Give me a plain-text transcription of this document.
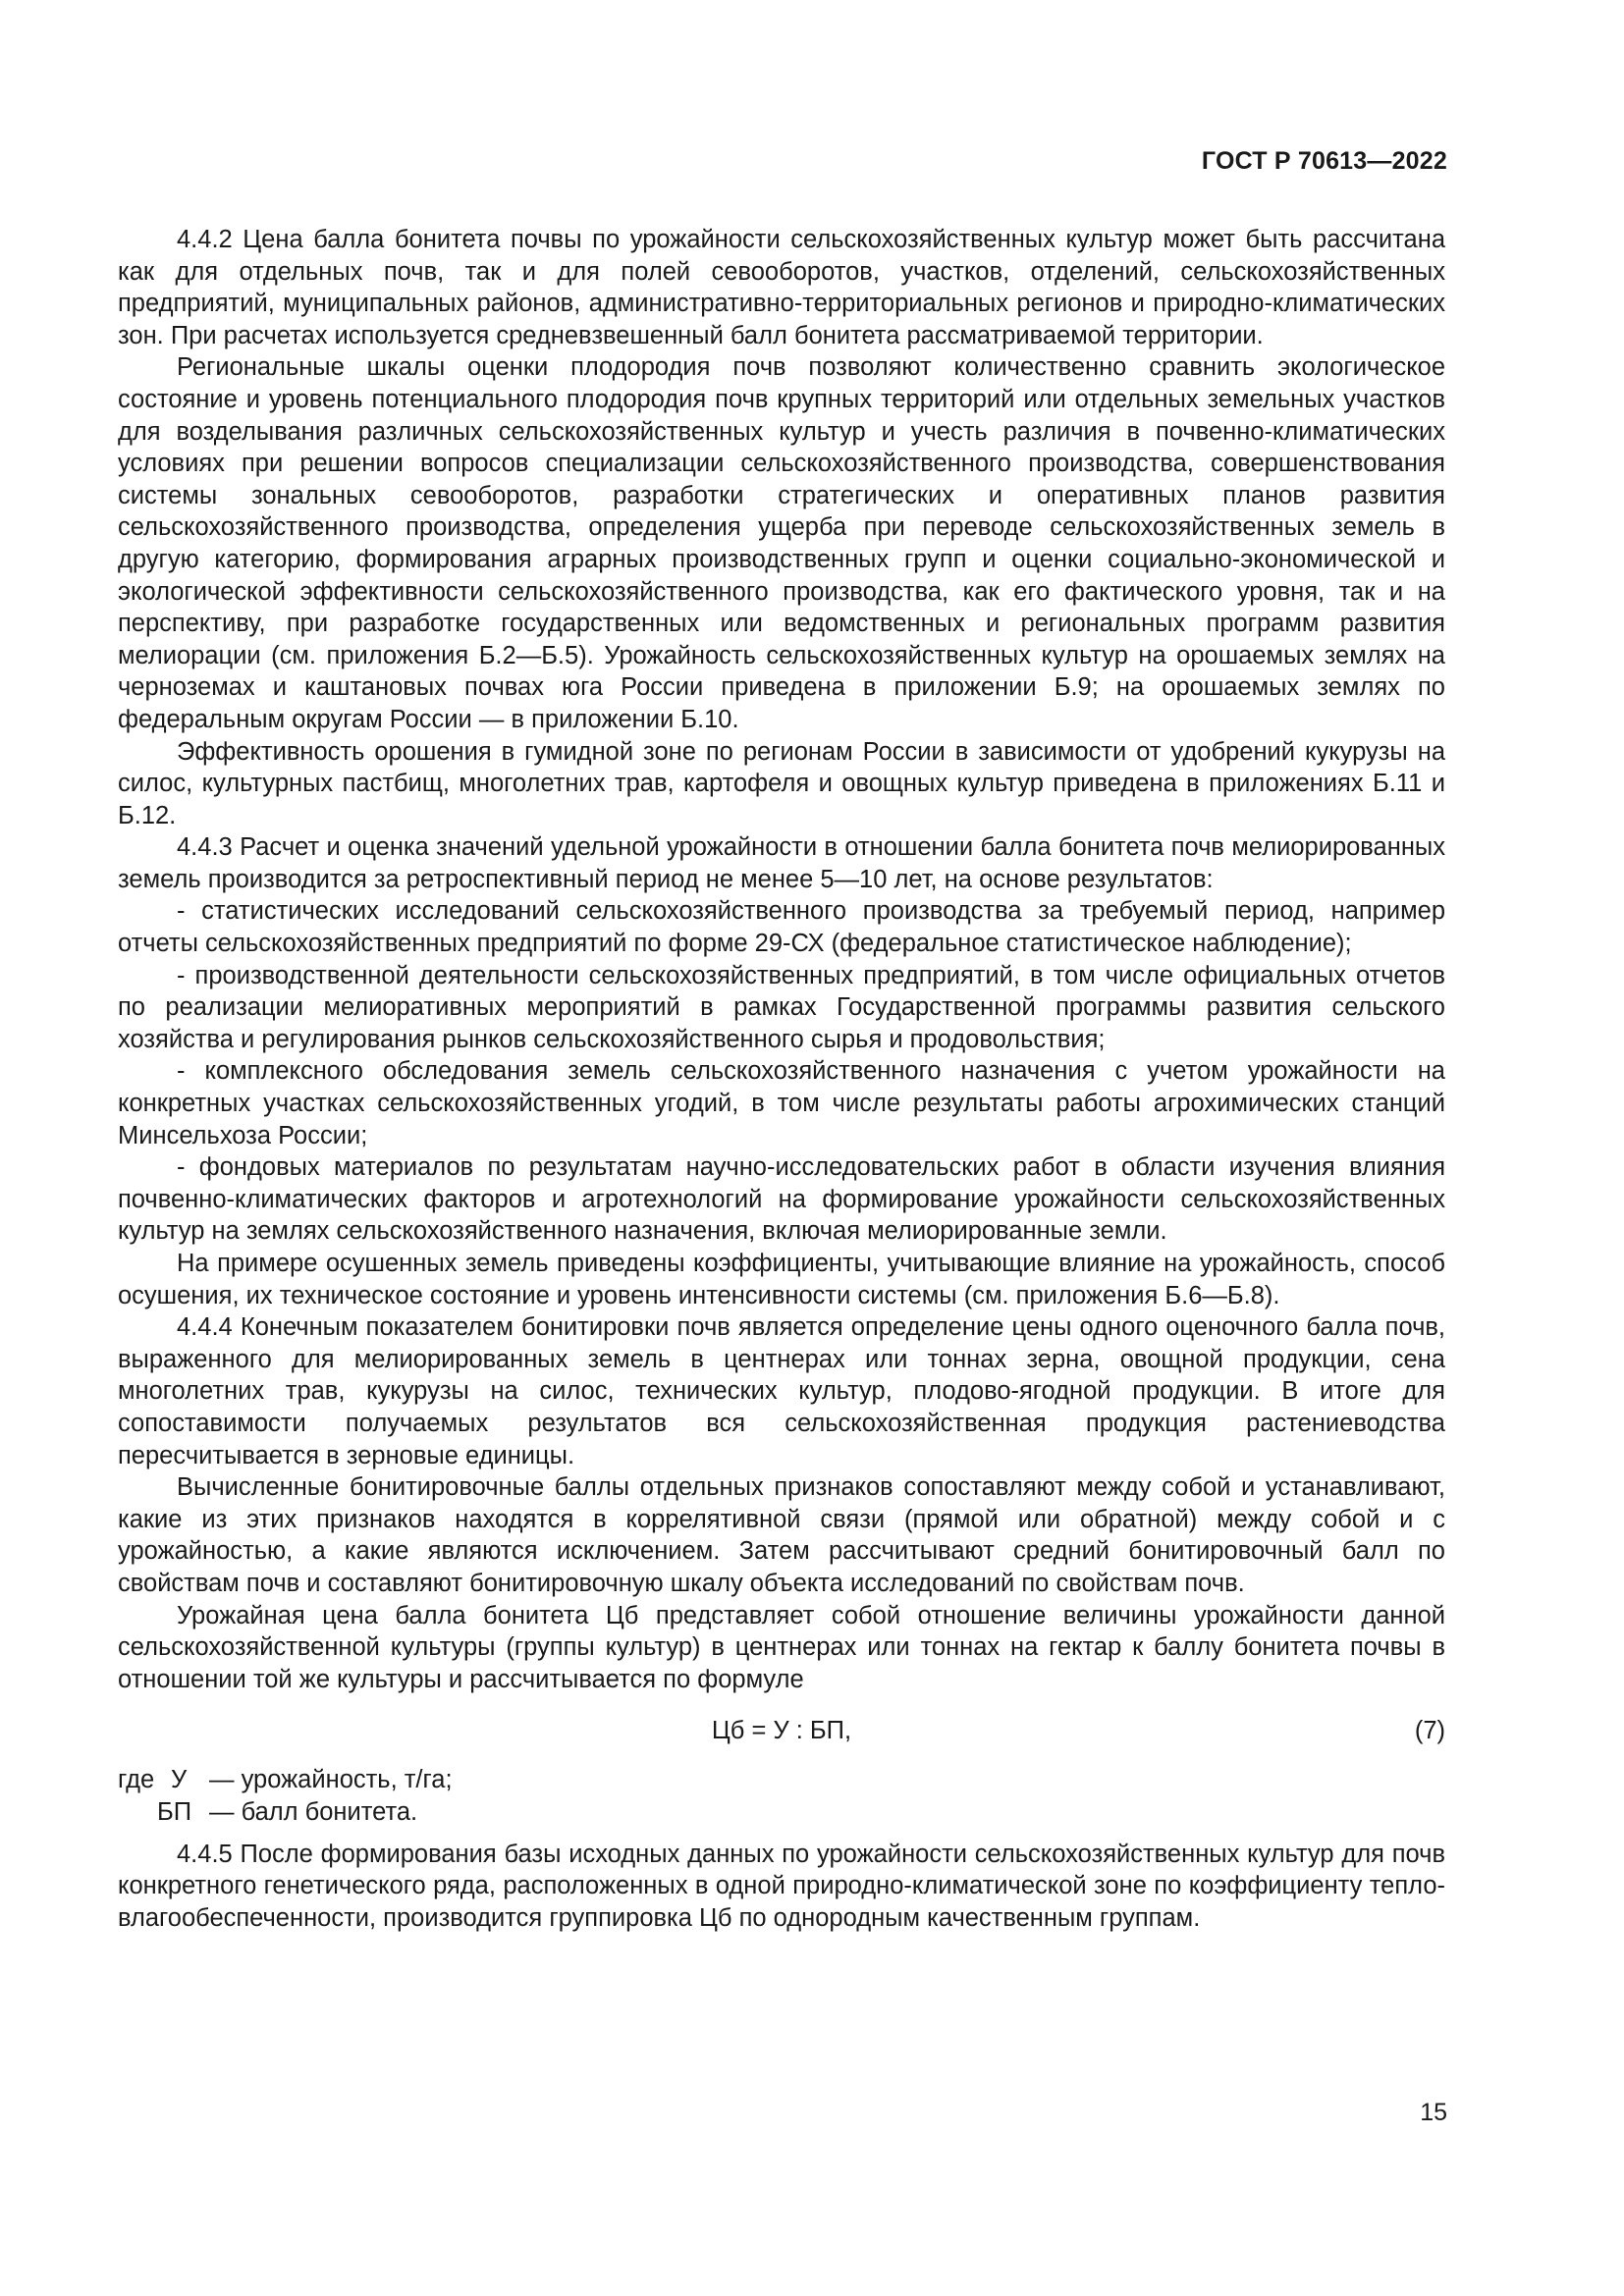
ГОСТ Р 70613—2022

4.4.2 Цена балла бонитета почвы по урожайности сельскохозяйственных культур может быть рассчитана как для отдельных почв, так и для полей севооборотов, участков, отделений, сельскохозяйственных предприятий, муниципальных районов, административно-территориальных регионов и природно-климатических зон. При расчетах используется средневзвешенный балл бонитета рассматриваемой территории.

Региональные шкалы оценки плодородия почв позволяют количественно сравнить экологическое состояние и уровень потенциального плодородия почв крупных территорий или отдельных земельных участков для возделывания различных сельскохозяйственных культур и учесть различия в почвенно-климатических условиях при решении вопросов специализации сельскохозяйственного производства, совершенствования системы зональных севооборотов, разработки стратегических и оперативных планов развития сельскохозяйственного производства, определения ущерба при переводе сельскохозяйственных земель в другую категорию, формирования аграрных производственных групп и оценки социально-экономической и экологической эффективности сельскохозяйственного производства, как его фактического уровня, так и на перспективу, при разработке государственных или ведомственных и региональных программ развития мелиорации (см. приложения Б.2—Б.5). Урожайность сельскохозяйственных культур на орошаемых землях на черноземах и каштановых почвах юга России приведена в приложении Б.9; на орошаемых землях по федеральным округам России — в приложении Б.10.

Эффективность орошения в гумидной зоне по регионам России в зависимости от удобрений кукурузы на силос, культурных пастбищ, многолетних трав, картофеля и овощных культур приведена в приложениях Б.11 и Б.12.

4.4.3 Расчет и оценка значений удельной урожайности в отношении балла бонитета почв мелиорированных земель производится за ретроспективный период не менее 5—10 лет, на основе результатов:

- статистических исследований сельскохозяйственного производства за требуемый период, например отчеты сельскохозяйственных предприятий по форме 29-СХ (федеральное статистическое наблюдение);

- производственной деятельности сельскохозяйственных предприятий, в том числе официальных отчетов по реализации мелиоративных мероприятий в рамках Государственной программы развития сельского хозяйства и регулирования рынков сельскохозяйственного сырья и продовольствия;

- комплексного обследования земель сельскохозяйственного назначения с учетом урожайности на конкретных участках сельскохозяйственных угодий, в том числе результаты работы агрохимических станций Минсельхоза России;

- фондовых материалов по результатам научно-исследовательских работ в области изучения влияния почвенно-климатических факторов и агротехнологий на формирование урожайности сельскохозяйственных культур на землях сельскохозяйственного назначения, включая мелиорированные земли.

На примере осушенных земель приведены коэффициенты, учитывающие влияние на урожайность, способ осушения, их техническое состояние и уровень интенсивности системы (см. приложения Б.6—Б.8).

4.4.4 Конечным показателем бонитировки почв является определение цены одного оценочного балла почв, выраженного для мелиорированных земель в центнерах или тоннах зерна, овощной продукции, сена многолетних трав, кукурузы на силос, технических культур, плодово-ягодной продукции. В итоге для сопоставимости получаемых результатов вся сельскохозяйственная продукция растениеводства пересчитывается в зерновые единицы.

Вычисленные бонитировочные баллы отдельных признаков сопоставляют между собой и устанавливают, какие из этих признаков находятся в коррелятивной связи (прямой или обратной) между собой и с урожайностью, а какие являются исключением. Затем рассчитывают средний бонитировочный балл по свойствам почв и составляют бонитировочную шкалу объекта исследований по свойствам почв.

Урожайная цена балла бонитета Цб представляет собой отношение величины урожайности данной сельскохозяйственной культуры (группы культур) в центнерах или тоннах на гектар к баллу бонитета почвы в отношении той же культуры и рассчитывается по формуле

Цб = У : БП,	(7)
где У — урожайность, т/га;
БП — балл бонитета.

4.4.5 После формирования базы исходных данных по урожайности сельскохозяйственных культур для почв конкретного генетического ряда, расположенных в одной природно-климатической зоне по коэффициенту тепло-влагообеспеченности, производится группировка Цб по однородным качественным группам.

15
